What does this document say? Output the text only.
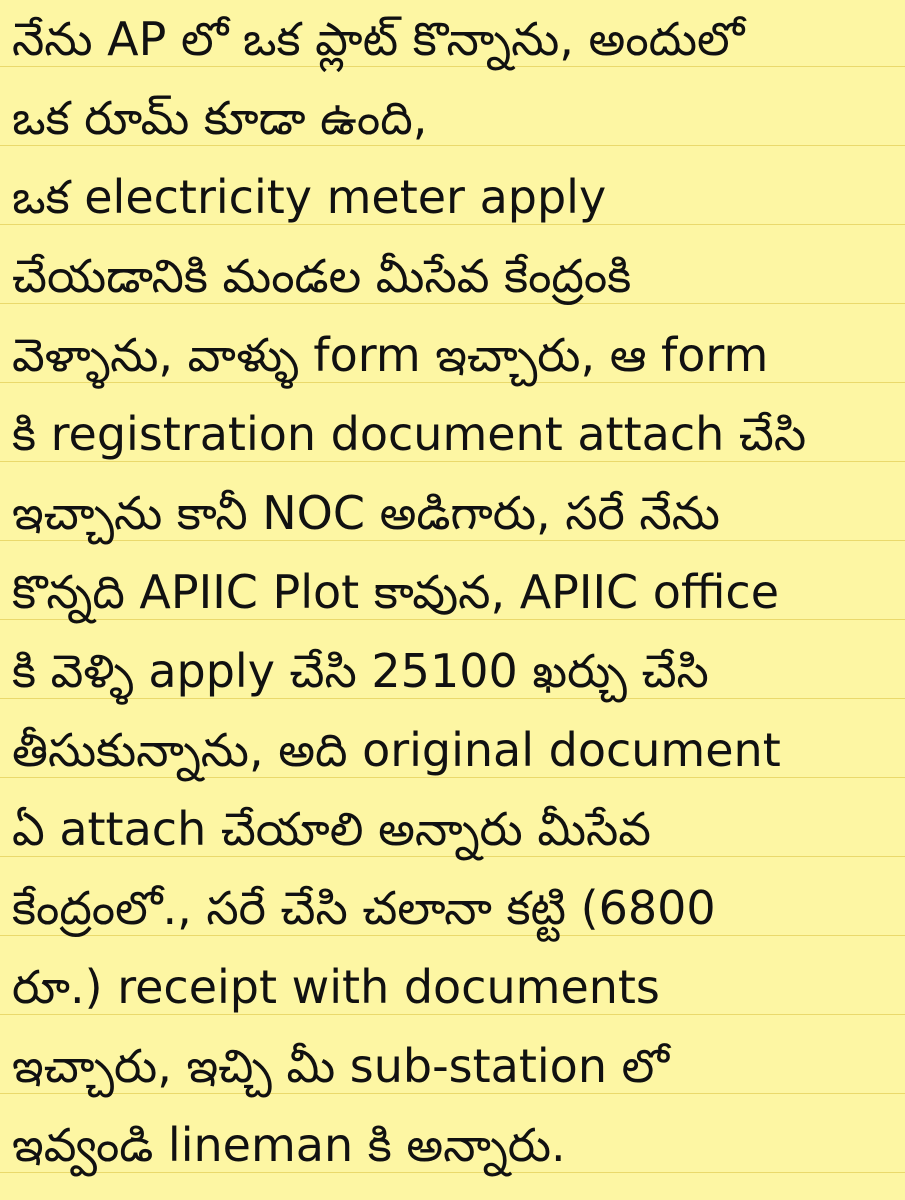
నేను AP లో ఒక ప్లాట్ కొన్నాను, అందులో
ఒక రూమ్ కూడా ఉంది,
ఒక electricity meter apply
చేయడానికి మండల మీసేవ కేంద్రంకి
వెళ్ళాను, వాళ్ళు form ఇచ్చారు, ఆ form
కి registration document attach చేసి
ఇచ్చాను కానీ NOC అడిగారు, సరే నేను
కొన్నది APIIC Plot కావున, APIIC office
కి వెళ్ళి apply చేసి 25100 ఖర్చు చేసి
తీసుకున్నాను, అది original document
ఏ attach చేయాలి అన్నారు మీసేవ
కేంద్రంలో., సరే చేసి చలానా కట్టి (6800
రూ.) receipt with documents
ఇచ్చారు, ఇచ్చి మీ sub-station లో
ఇవ్వండి lineman కి అన్నారు.
